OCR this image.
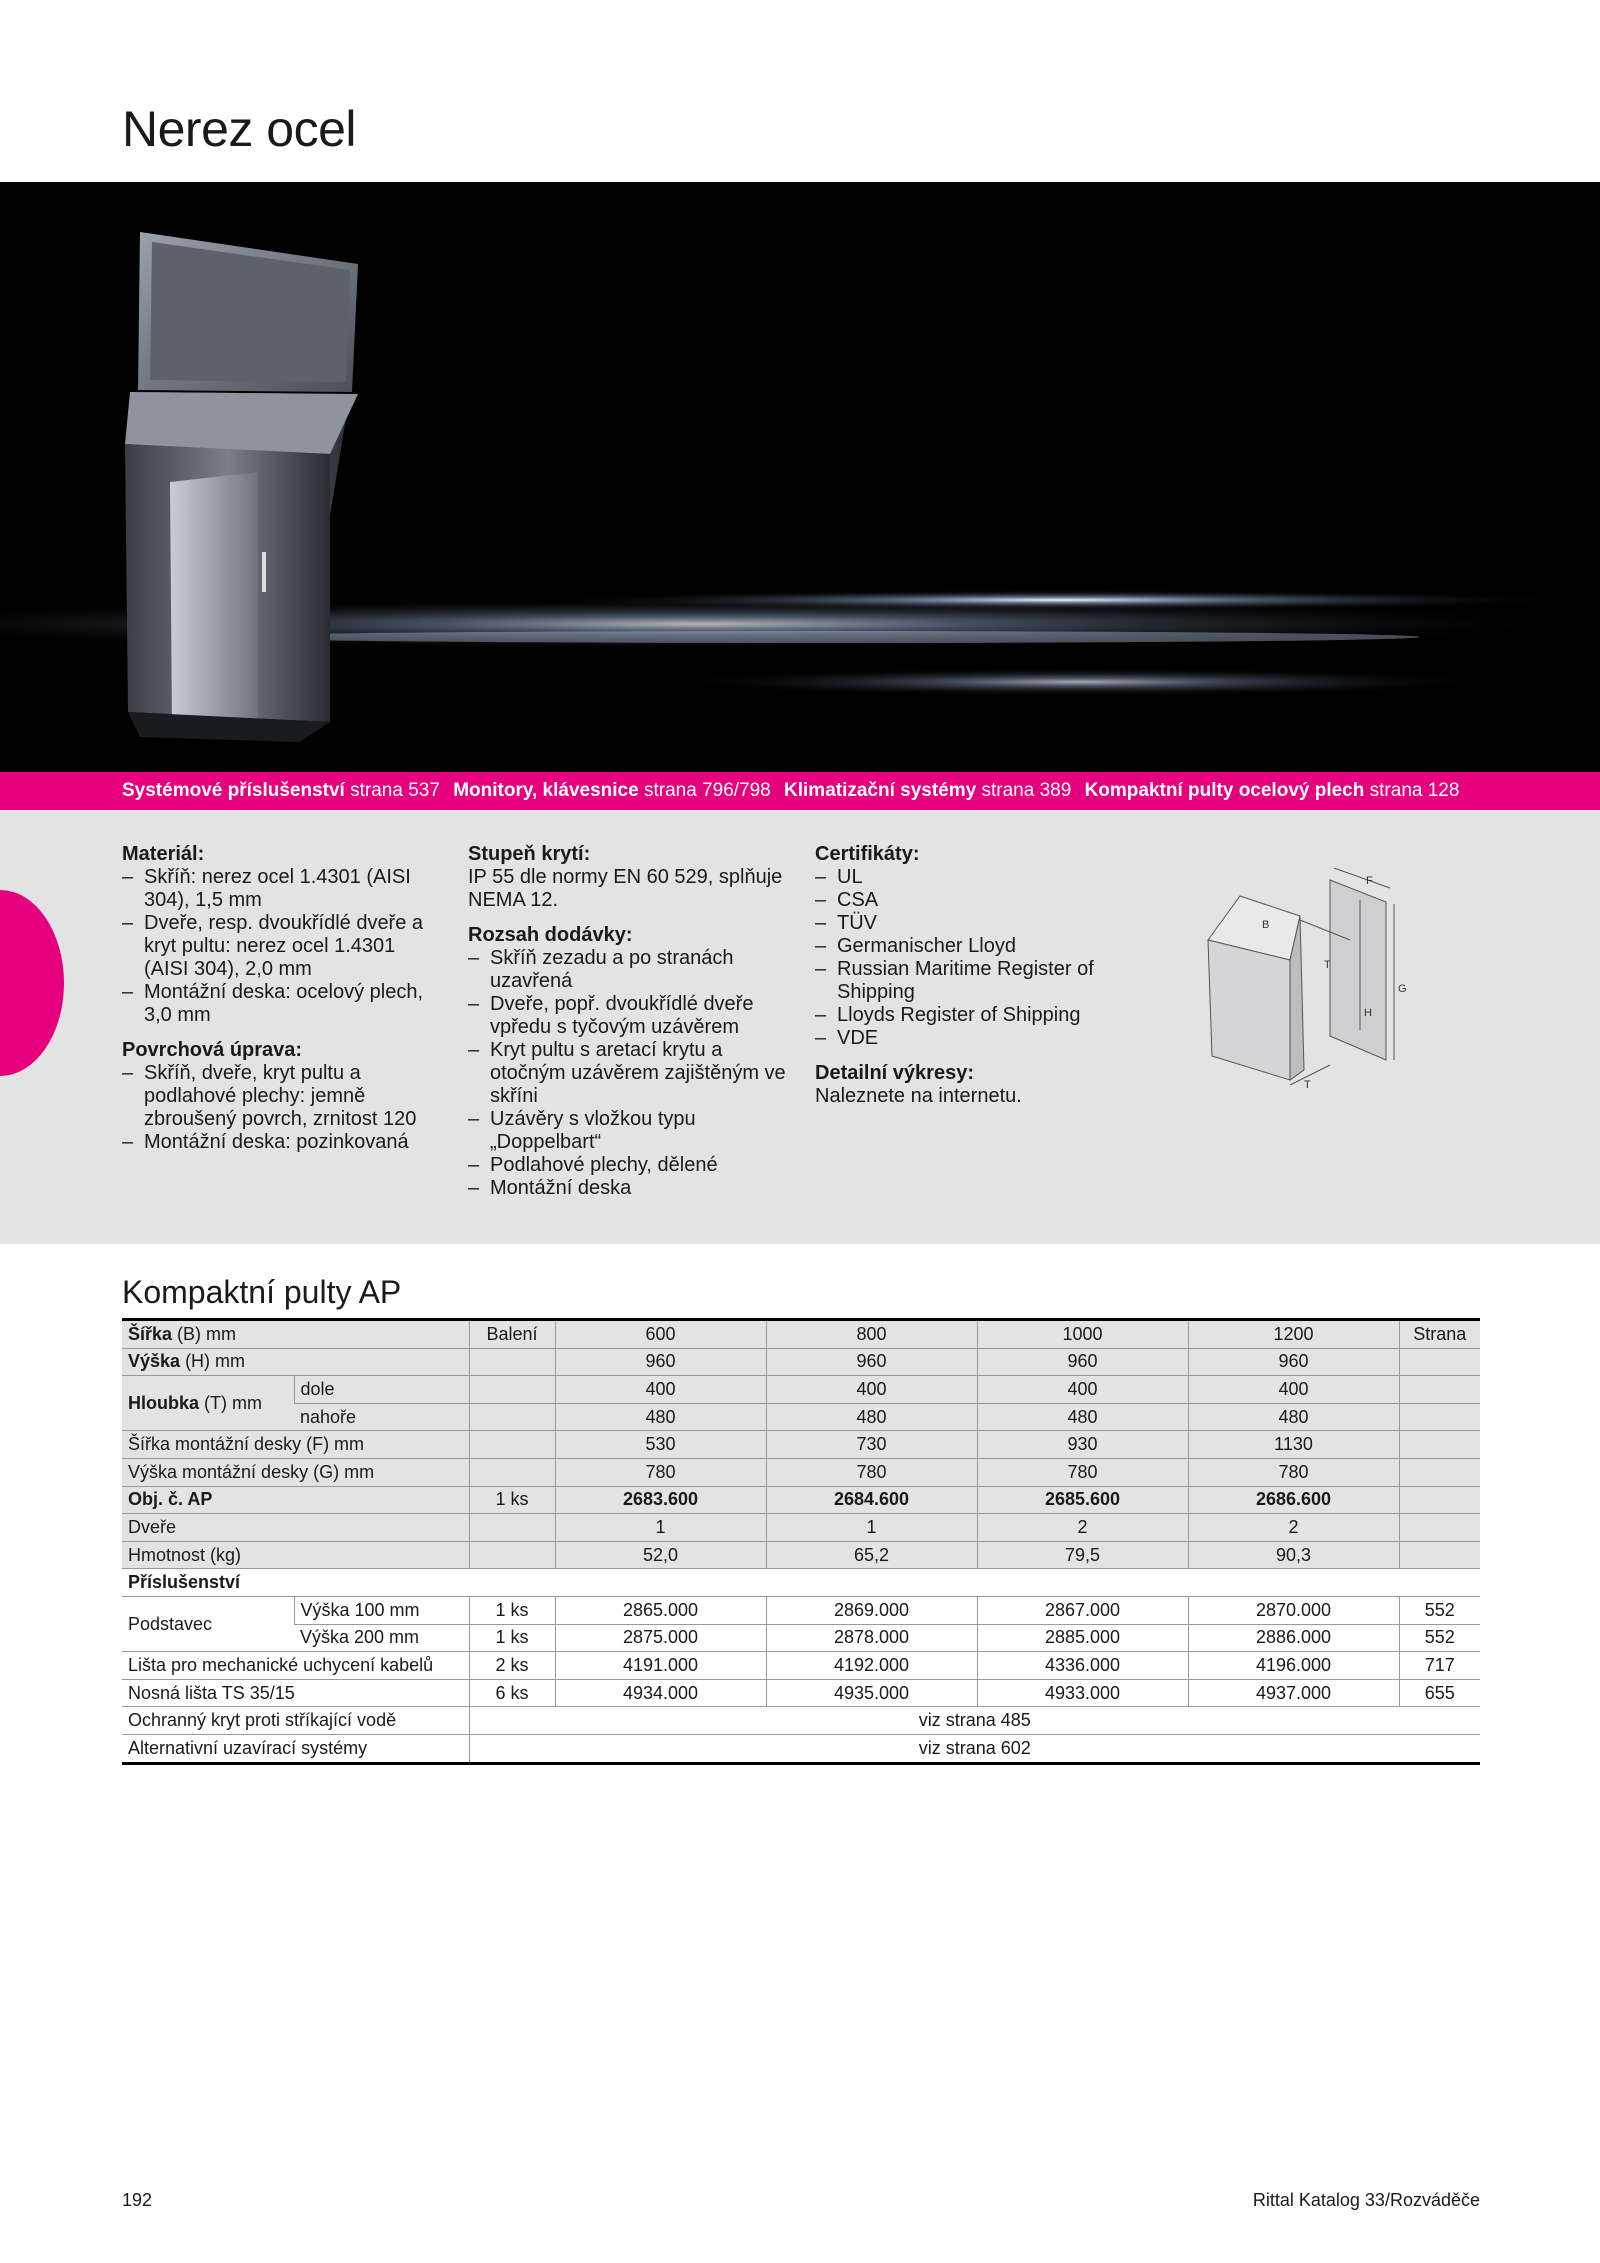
Nerez ocel
Systémové příslušenství strana 537 Monitory, klávesnice strana 796/798 Klimatizační systémy strana 389 Kompaktní pulty ocelový plech strana 128
Materiál:
– Skříň: nerez ocel 1.4301 (AISI 304), 1,5 mm
– Dveře, resp. dvoukřídlé dveře a kryt pultu: nerez ocel 1.4301 (AISI 304), 2,0 mm
– Montážní deska: ocelový plech, 3,0 mm
Povrchová úprava:
– Skříň, dveře, kryt pultu a podlahové plechy: jemně zbroušený povrch, zrnitost 120
– Montážní deska: pozinkovaná
Stupeň krytí:

IP 55 dle normy EN 60 529, splňuje NEMA 12.

Rozsah dodávky:
– Skříň zezadu a po stranách uzavřená
– Dveře, popř. dvoukřídlé dveře vpředu s tyčovým uzávěrem
– Kryt pultu s aretací krytu a otočným uzávěrem zajištěným ve skříni
– Uzávěry s vložkou typu „Doppelbart“
– Podlahové plechy, dělené
– Montážní deska
Certifikáty:
– UL
– CSA
– TÜV
– Germanischer Lloyd
– Russian Maritime Register of Shipping
– Lloyds Register of Shipping
– VDE
Detailní výkresy:

Naleznete na internetu.

B
F
T
G
H
T
Kompaktní pulty AP
Šířka (B) mm		Balení	600	800	1000	1200	Strana
Výška (H) mm			960	960	960	960	
Hloubka (T) mm	dole		400	400	400	400	
	nahoře		480	480	480	480	
Šířka montážní desky (F) mm			530	730	930	1130	
Výška montážní desky (G) mm			780	780	780	780	
Obj. č. AP		1 ks	2683.600	2684.600	2685.600	2686.600	
Dveře			1	1	2	2	
Hmotnost (kg)			52,0	65,2	79,5	90,3	
Příslušenství							
Podstavec	Výška 100 mm	1 ks	2865.000	2869.000	2867.000	2870.000	552
	Výška 200 mm	1 ks	2875.000	2878.000	2885.000	2886.000	552
Lišta pro mechanické uchycení kabelů		2 ks	4191.000	4192.000	4336.000	4196.000	717
Nosná lišta TS 35/15		6 ks	4934.000	4935.000	4933.000	4937.000	655
Ochranný kryt proti stříkající vodě		viz strana 485					
Alternativní uzavírací systémy		viz strana 602					
192	Rittal Katalog 33/Rozváděče
